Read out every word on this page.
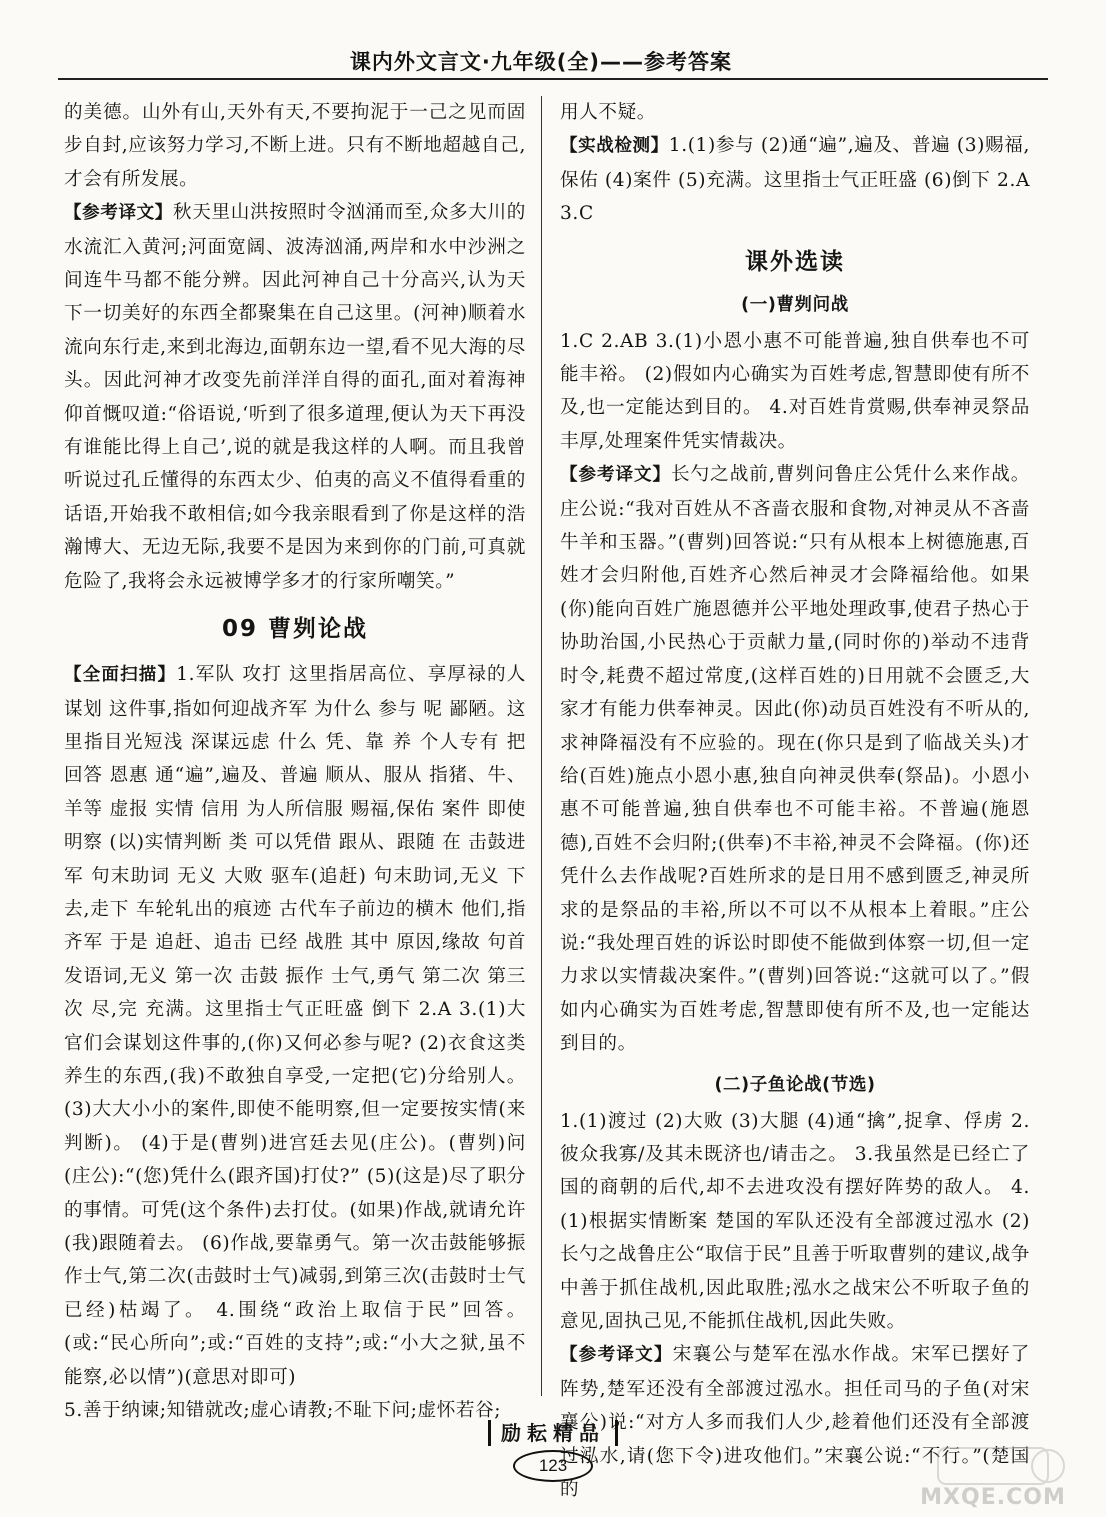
课内外文言文·九年级(全)——参考答案

的美德。山外有山,天外有天,不要拘泥于一己之见而固步自封,应该努力学习,不断上进。只有不断地超越自己,才会有所发展。

【参考译文】秋天里山洪按照时令汹涌而至,众多大川的水流汇入黄河;河面宽阔、波涛汹涌,两岸和水中沙洲之间连牛马都不能分辨。因此河神自己十分高兴,认为天下一切美好的东西全都聚集在自己这里。(河神)顺着水流向东行走,来到北海边,面朝东边一望,看不见大海的尽头。因此河神才改变先前洋洋自得的面孔,面对着海神仰首慨叹道:“俗语说,‘听到了很多道理,便认为天下再没有谁能比得上自己’,说的就是我这样的人啊。而且我曾听说过孔丘懂得的东西太少、伯夷的高义不值得看重的话语,开始我不敢相信;如今我亲眼看到了你是这样的浩瀚博大、无边无际,我要不是因为来到你的门前,可真就危险了,我将会永远被博学多才的行家所嘲笑。”

09 曹刿论战

【全面扫描】1.军队 攻打 这里指居高位、享厚禄的人 谋划 这件事,指如何迎战齐军 为什么 参与 呢 鄙陋。这里指目光短浅 深谋远虑 什么 凭、靠 养 个人专有 把 回答 恩惠 通“遍”,遍及、普遍 顺从、服从 指猪、牛、羊等 虚报 实情 信用 为人所信服 赐福,保佑 案件 即使 明察 (以)实情判断 类 可以凭借 跟从、跟随 在 击鼓进军 句末助词 无义 大败 驱车(追赶) 句末助词,无义 下去,走下 车轮轧出的痕迹 古代车子前边的横木 他们,指齐军 于是 追赶、追击 已经 战胜 其中 原因,缘故 句首发语词,无义 第一次 击鼓 振作 士气,勇气 第二次 第三次 尽,完 充满。这里指士气正旺盛 倒下 2.A 3.(1)大官们会谋划这件事的,(你)又何必参与呢? (2)衣食这类养生的东西,(我)不敢独自享受,一定把(它)分给别人。 (3)大大小小的案件,即使不能明察,但一定要按实情(来判断)。 (4)于是(曹刿)进宫廷去见(庄公)。(曹刿)问(庄公):“(您)凭什么(跟齐国)打仗?” (5)(这是)尽了职分的事情。可凭(这个条件)去打仗。(如果)作战,就请允许(我)跟随着去。 (6)作战,要靠勇气。第一次击鼓能够振作士气,第二次(击鼓时士气)减弱,到第三次(击鼓时士气已经)枯竭了。 4.围绕“政治上取信于民”回答。(或:“民心所向”;或:“百姓的支持”;或:“小大之狱,虽不能察,必以情”)(意思对即可)

5.善于纳谏;知错就改;虚心请教;不耻下问;虚怀若谷;

用人不疑。

【实战检测】1.(1)参与 (2)通“遍”,遍及、普遍 (3)赐福,保佑 (4)案件 (5)充满。这里指士气正旺盛 (6)倒下 2.A 3.C

课外选读
(一)曹刿问战

1.C 2.AB 3.(1)小恩小惠不可能普遍,独自供奉也不可能丰裕。 (2)假如内心确实为百姓考虑,智慧即使有所不及,也一定能达到目的。 4.对百姓肯赏赐,供奉神灵祭品丰厚,处理案件凭实情裁决。

【参考译文】长勺之战前,曹刿问鲁庄公凭什么来作战。庄公说:“我对百姓从不吝啬衣服和食物,对神灵从不吝啬牛羊和玉器。”(曹刿)回答说:“只有从根本上树德施惠,百姓才会归附他,百姓齐心然后神灵才会降福给他。如果(你)能向百姓广施恩德并公平地处理政事,使君子热心于协助治国,小民热心于贡献力量,(同时你的)举动不违背时令,耗费不超过常度,(这样百姓的)日用就不会匮乏,大家才有能力供奉神灵。因此(你)动员百姓没有不听从的,求神降福没有不应验的。现在(你只是到了临战关头)才给(百姓)施点小恩小惠,独自向神灵供奉(祭品)。小恩小惠不可能普遍,独自供奉也不可能丰裕。不普遍(施恩德),百姓不会归附;(供奉)不丰裕,神灵不会降福。(你)还凭什么去作战呢?百姓所求的是日用不感到匮乏,神灵所求的是祭品的丰裕,所以不可以不从根本上着眼。”庄公说:“我处理百姓的诉讼时即使不能做到体察一切,但一定力求以实情裁决案件。”(曹刿)回答说:“这就可以了。”假如内心确实为百姓考虑,智慧即使有所不及,也一定能达到目的。

(二)子鱼论战(节选)

1.(1)渡过 (2)大败 (3)大腿 (4)通“擒”,捉拿、俘虏 2.彼众我寡/及其未既济也/请击之。 3.我虽然是已经亡了国的商朝的后代,却不去进攻没有摆好阵势的敌人。 4.(1)根据实情断案 楚国的军队还没有全部渡过泓水 (2)长勺之战鲁庄公“取信于民”且善于听取曹刿的建议,战争中善于抓住战机,因此取胜;泓水之战宋公不听取子鱼的意见,固执己见,不能抓住战机,因此失败。

【参考译文】宋襄公与楚军在泓水作战。宋军已摆好了阵势,楚军还没有全部渡过泓水。担任司马的子鱼(对宋襄公)说:“对方人多而我们人少,趁着他们还没有全部渡过泓水,请(您下令)进攻他们。”宋襄公说:“不行。”(楚国的

励耘精品
123
MXQE.COM
